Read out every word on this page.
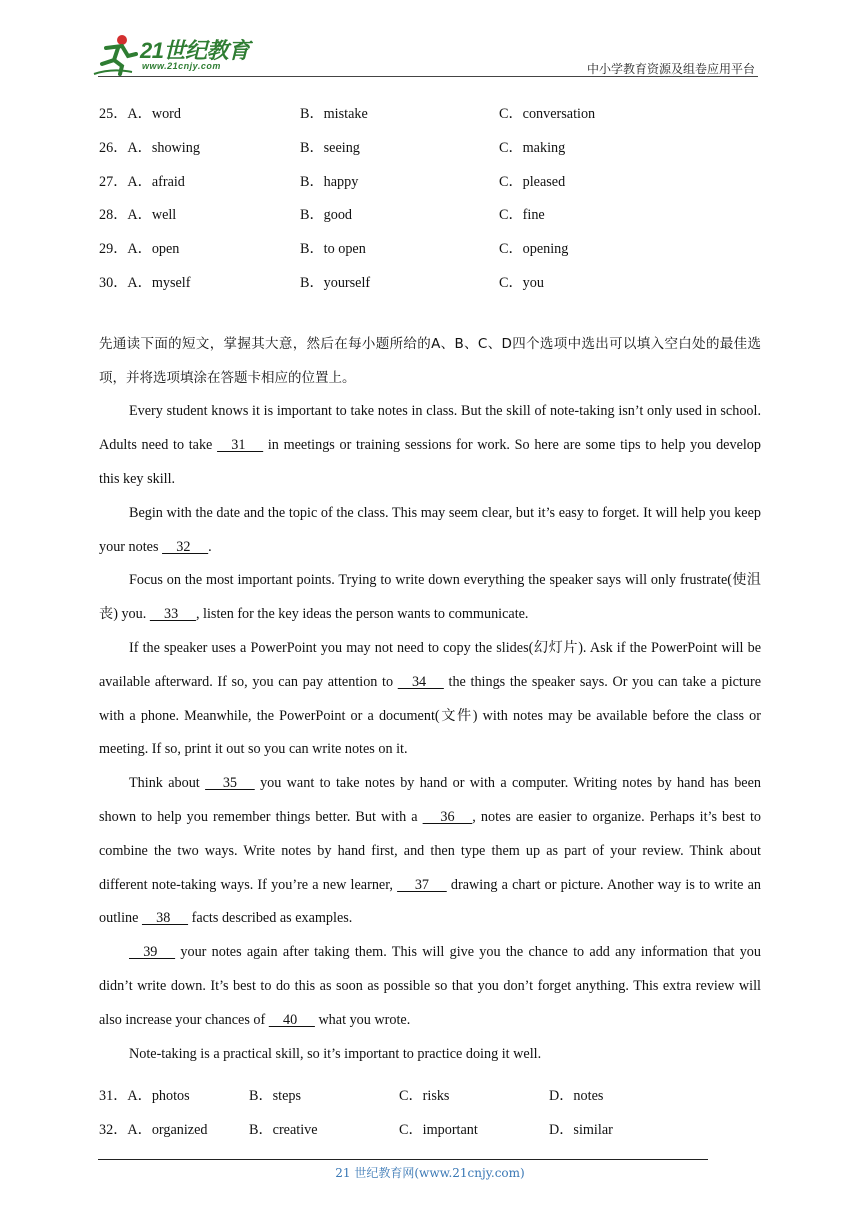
21世纪教育
www.21cnjy.com	中小学教育资源及组卷应用平台
25．A．word	B．mistake	C．conversation
26．A．showing	B．seeing	C．making
27．A．afraid	B．happy	C．pleased
28．A．well	B．good	C．fine
29．A．open	B．to open	C．opening
30．A．myself	B．yourself	C．you

先通读下面的短文，掌握其大意，然后在每小题所给的A、B、C、D四个选项中选出可以填入空白处的最佳选项，并将选项填涂在答题卡相应的位置上。

Every student knows it is important to take notes in class. But the skill of note-taking isn’t only used in school. Adults need to take     31      in meetings or training sessions for work. So here are some tips to help you develop this key skill.

Begin with the date and the topic of the class. This may seem clear, but it’s easy to forget. It will help you keep your notes     32     .

Focus on the most important points. Trying to write down everything the speaker says will only frustrate(使沮丧) you.     33     , listen for the key ideas the person wants to communicate.

If the speaker uses a PowerPoint you may not need to copy the slides(幻灯片). Ask if the PowerPoint will be available afterward. If so, you can pay attention to     34      the things the speaker says. Or you can take a picture with a phone. Meanwhile, the PowerPoint or a document(文件) with notes may be available before the class or meeting. If so, print it out so you can write notes on it.

Think about      35      you want to take notes by hand or with a computer. Writing notes by hand has been shown to help you remember things better. But with a      36     , notes are easier to organize. Perhaps it’s best to combine the two ways. Write notes by hand first, and then type them up as part of your review. Think about different note-taking ways. If you’re a new learner,      37      drawing a chart or picture. Another way is to write an outline     38      facts described as examples.

39      your notes again after taking them. This will give you the chance to add any information that you didn’t write down. It’s best to do this as soon as possible so that you don’t forget anything. This extra review will also increase your chances of     40      what you wrote.

Note-taking is a practical skill, so it’s important to practice doing it well.

31．A．photos	B．steps	C．risks	D．notes
32．A．organized	B．creative	C．important	D．similar
21 世纪教育网(www.21cnjy.com)
